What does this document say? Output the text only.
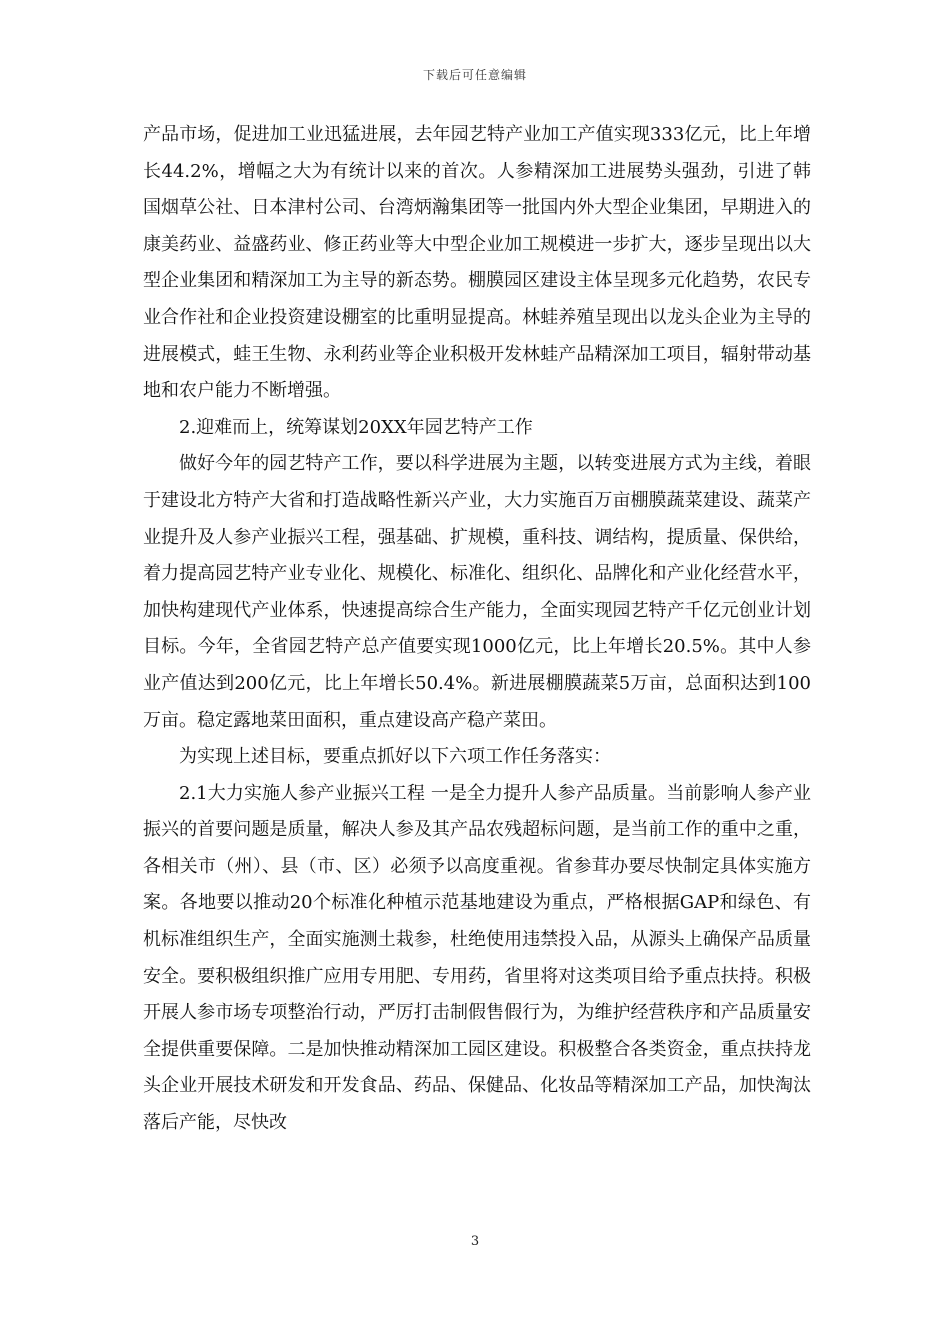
下载后可任意编辑

产品市场，促进加工业迅猛进展，去年园艺特产业加工产值实现333亿元，比上年增长44.2%，增幅之大为有统计以来的首次。人参精深加工进展势头强劲，引进了韩国烟草公社、日本津村公司、台湾炳瀚集团等一批国内外大型企业集团，早期进入的康美药业、益盛药业、修正药业等大中型企业加工规模进一步扩大，逐步呈现出以大型企业集团和精深加工为主导的新态势。棚膜园区建设主体呈现多元化趋势，农民专业合作社和企业投资建设棚室的比重明显提高。林蛙养殖呈现出以龙头企业为主导的进展模式，蛙王生物、永利药业等企业积极开发林蛙产品精深加工项目，辐射带动基地和农户能力不断增强。

2.迎难而上，统筹谋划20XX年园艺特产工作

做好今年的园艺特产工作，要以科学进展为主题，以转变进展方式为主线，着眼于建设北方特产大省和打造战略性新兴产业，大力实施百万亩棚膜蔬菜建设、蔬菜产业提升及人参产业振兴工程，强基础、扩规模，重科技、调结构，提质量、保供给，着力提高园艺特产业专业化、规模化、标准化、组织化、品牌化和产业化经营水平，加快构建现代产业体系，快速提高综合生产能力，全面实现园艺特产千亿元创业计划目标。今年，全省园艺特产总产值要实现1000亿元，比上年增长20.5%。其中人参业产值达到200亿元，比上年增长50.4%。新进展棚膜蔬菜5万亩，总面积达到100万亩。稳定露地菜田面积，重点建设高产稳产菜田。

为实现上述目标，要重点抓好以下六项工作任务落实：

2.1大力实施人参产业振兴工程 一是全力提升人参产品质量。当前影响人参产业振兴的首要问题是质量，解决人参及其产品农残超标问题，是当前工作的重中之重，各相关市（州）、县（市、区）必须予以高度重视。省参茸办要尽快制定具体实施方案。各地要以推动20个标准化种植示范基地建设为重点，严格根据GAP和绿色、有机标准组织生产，全面实施测土栽参，杜绝使用违禁投入品，从源头上确保产品质量安全。要积极组织推广应用专用肥、专用药，省里将对这类项目给予重点扶持。积极开展人参市场专项整治行动，严厉打击制假售假行为，为维护经营秩序和产品质量安全提供重要保障。二是加快推动精深加工园区建设。积极整合各类资金，重点扶持龙头企业开展技术研发和开发食品、药品、保健品、化妆品等精深加工产品，加快淘汰落后产能，尽快改

3
